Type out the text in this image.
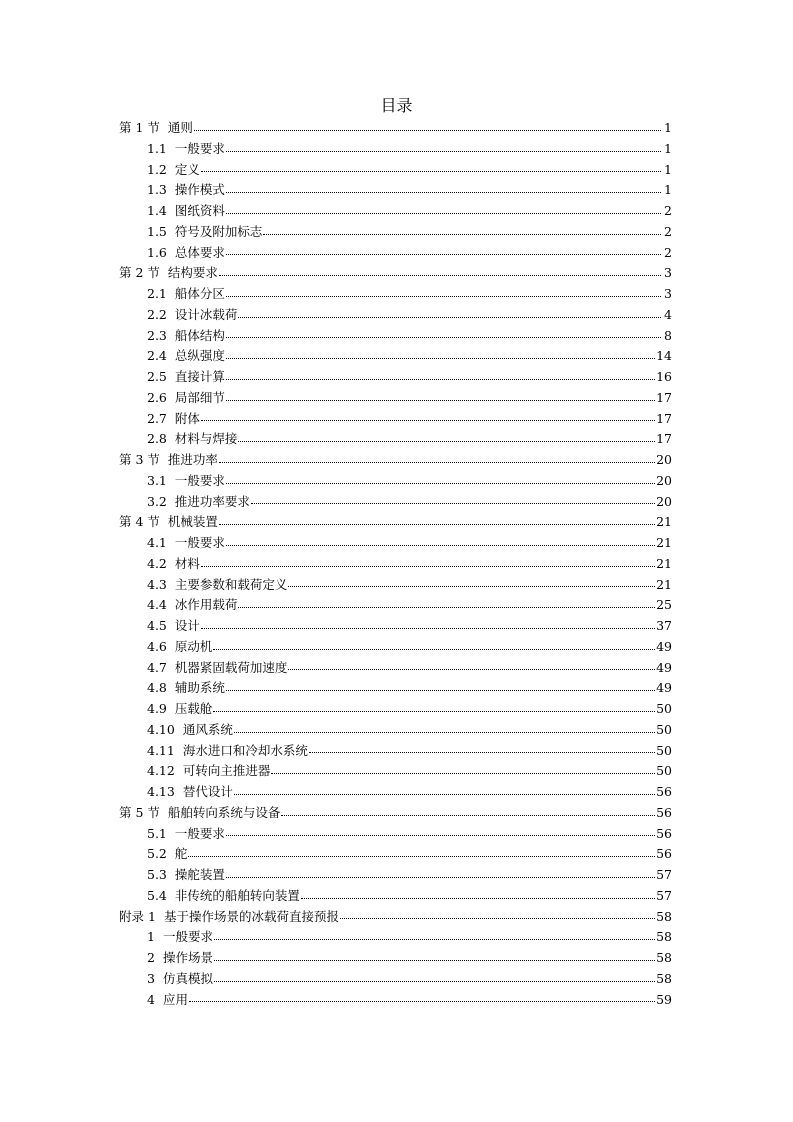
目录
第 1 节 通则	1
1.1 一般要求	1
1.2 定义	1
1.3 操作模式	1
1.4 图纸资料	2
1.5 符号及附加标志	2
1.6 总体要求	2
第 2 节 结构要求	3
2.1 船体分区	3
2.2 设计冰载荷	4
2.3 船体结构	8
2.4 总纵强度	14
2.5 直接计算	16
2.6 局部细节	17
2.7 附体	17
2.8 材料与焊接	17
第 3 节 推进功率	20
3.1 一般要求	20
3.2 推进功率要求	20
第 4 节 机械装置	21
4.1 一般要求	21
4.2 材料	21
4.3 主要参数和载荷定义	21
4.4 冰作用载荷	25
4.5 设计	37
4.6 原动机	49
4.7 机器紧固载荷加速度	49
4.8 辅助系统	49
4.9 压载舱	50
4.10 通风系统	50
4.11 海水进口和冷却水系统	50
4.12 可转向主推进器	50
4.13 替代设计	56
第 5 节 船舶转向系统与设备	56
5.1 一般要求	56
5.2 舵	56
5.3 操舵装置	57
5.4 非传统的船舶转向装置	57
附录 1 基于操作场景的冰载荷直接预报	58
1 一般要求	58
2 操作场景	58
3 仿真模拟	58
4 应用	59
